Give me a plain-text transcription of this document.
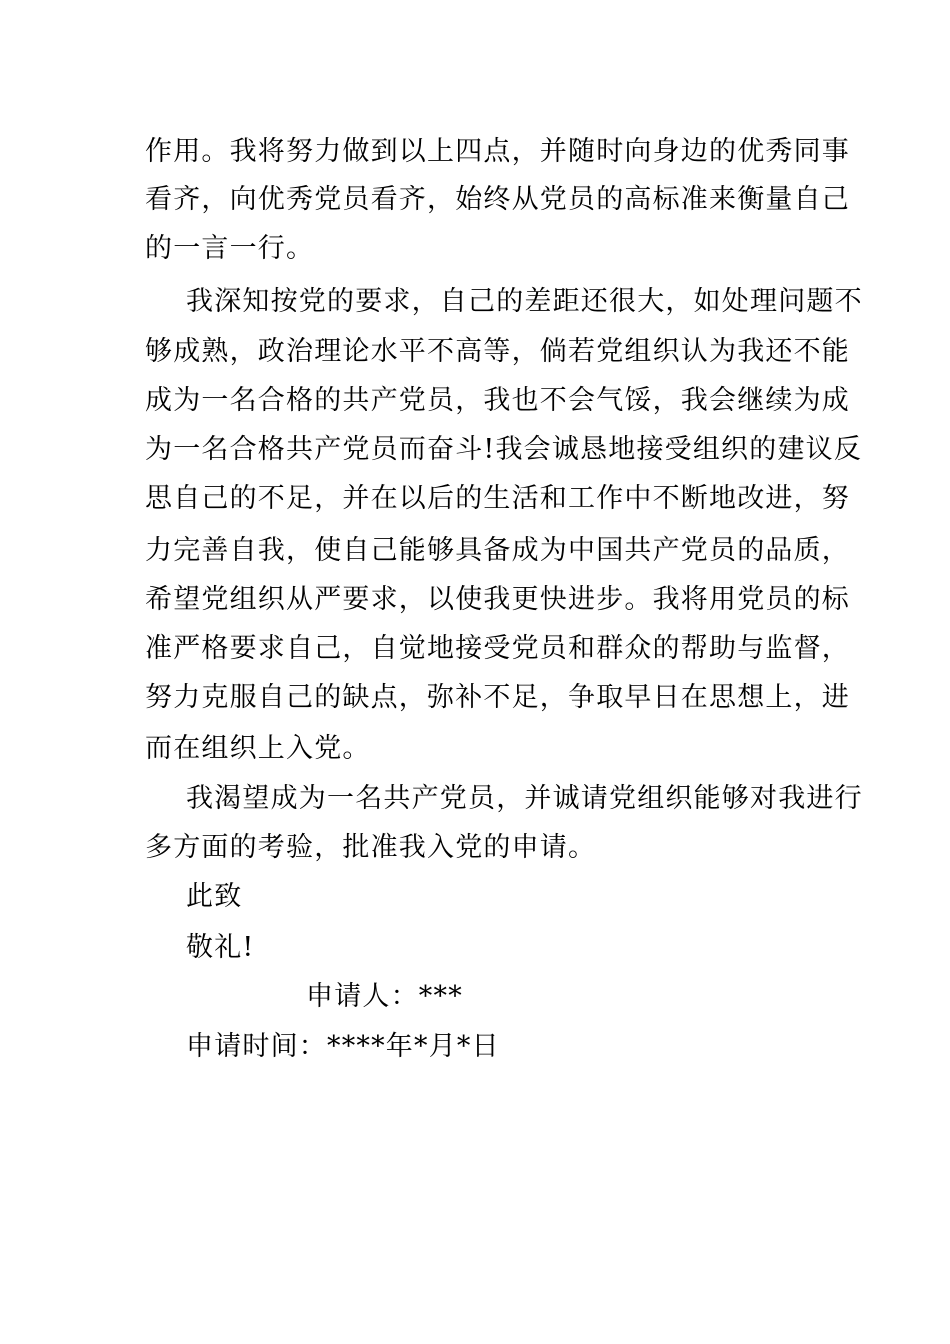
作用。我将努力做到以上四点，并随时向身边的优秀同事
看齐，向优秀党员看齐，始终从党员的高标准来衡量自己
的一言一行。
我深知按党的要求，自己的差距还很大，如处理问题不
够成熟，政治理论水平不高等，倘若党组织认为我还不能
成为一名合格的共产党员，我也不会气馁，我会继续为成
为一名合格共产党员而奋斗!我会诚恳地接受组织的建议反
思自己的不足，并在以后的生活和工作中不断地改进，努
力完善自我，使自己能够具备成为中国共产党员的品质，
希望党组织从严要求，以使我更快进步。我将用党员的标
准严格要求自己，自觉地接受党员和群众的帮助与监督，
努力克服自己的缺点，弥补不足，争取早日在思想上，进
而在组织上入党。
我渴望成为一名共产党员，并诚请党组织能够对我进行
多方面的考验，批准我入党的申请。
此致
敬礼!
申请人：***
申请时间：****年*月*日
